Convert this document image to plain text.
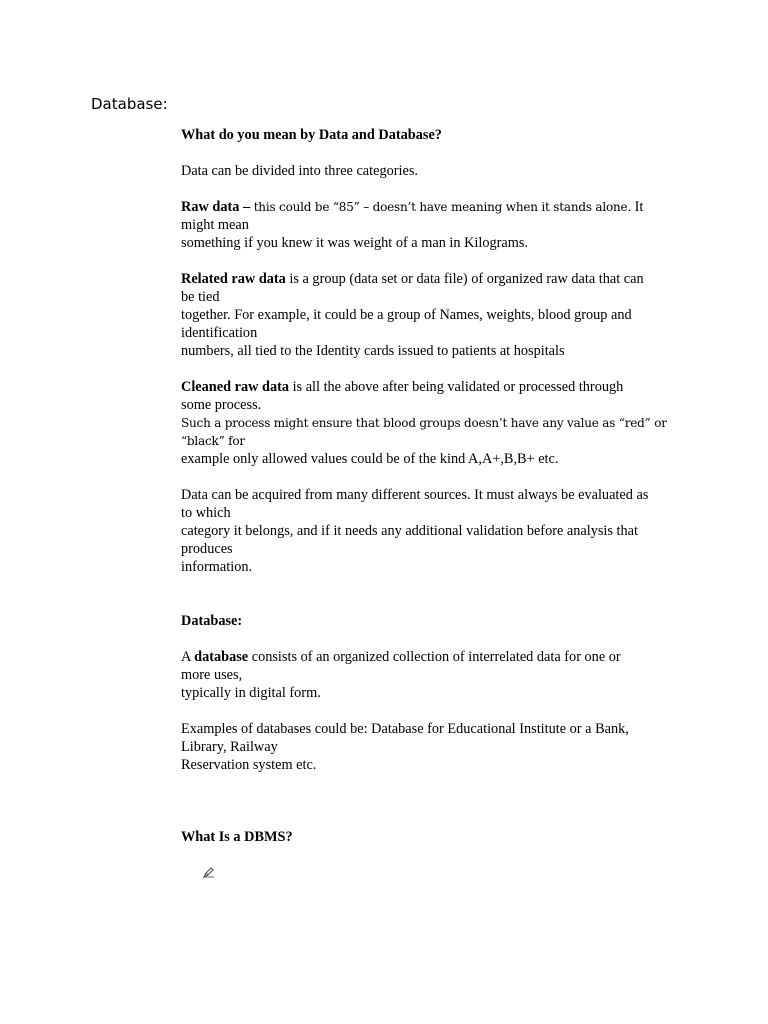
Database:

What do you mean by Data and Database?

Data can be divided into three categories.

Raw data – this could be “85” – doesn’t have meaning when it stands alone. It
might mean
something if you knew it was weight of a man in Kilograms.

Related raw data is a group (data set or data file) of organized raw data that can
be tied
together. For example, it could be a group of Names, weights, blood group and
identification
numbers, all tied to the Identity cards issued to patients at hospitals

Cleaned raw data is all the above after being validated or processed through
some process.
Such a process might ensure that blood groups doesn’t have any value as “red” or
“black” for
example only allowed values could be of the kind A,A+,B,B+ etc.

Data can be acquired from many different sources. It must always be evaluated as
to which
category it belongs, and if it needs any additional validation before analysis that
produces
information.

Database:

A database consists of an organized collection of interrelated data for one or
more uses,
typically in digital form.

Examples of databases could be: Database for Educational Institute or a Bank,
Library, Railway
Reservation system etc.

What Is a DBMS?
